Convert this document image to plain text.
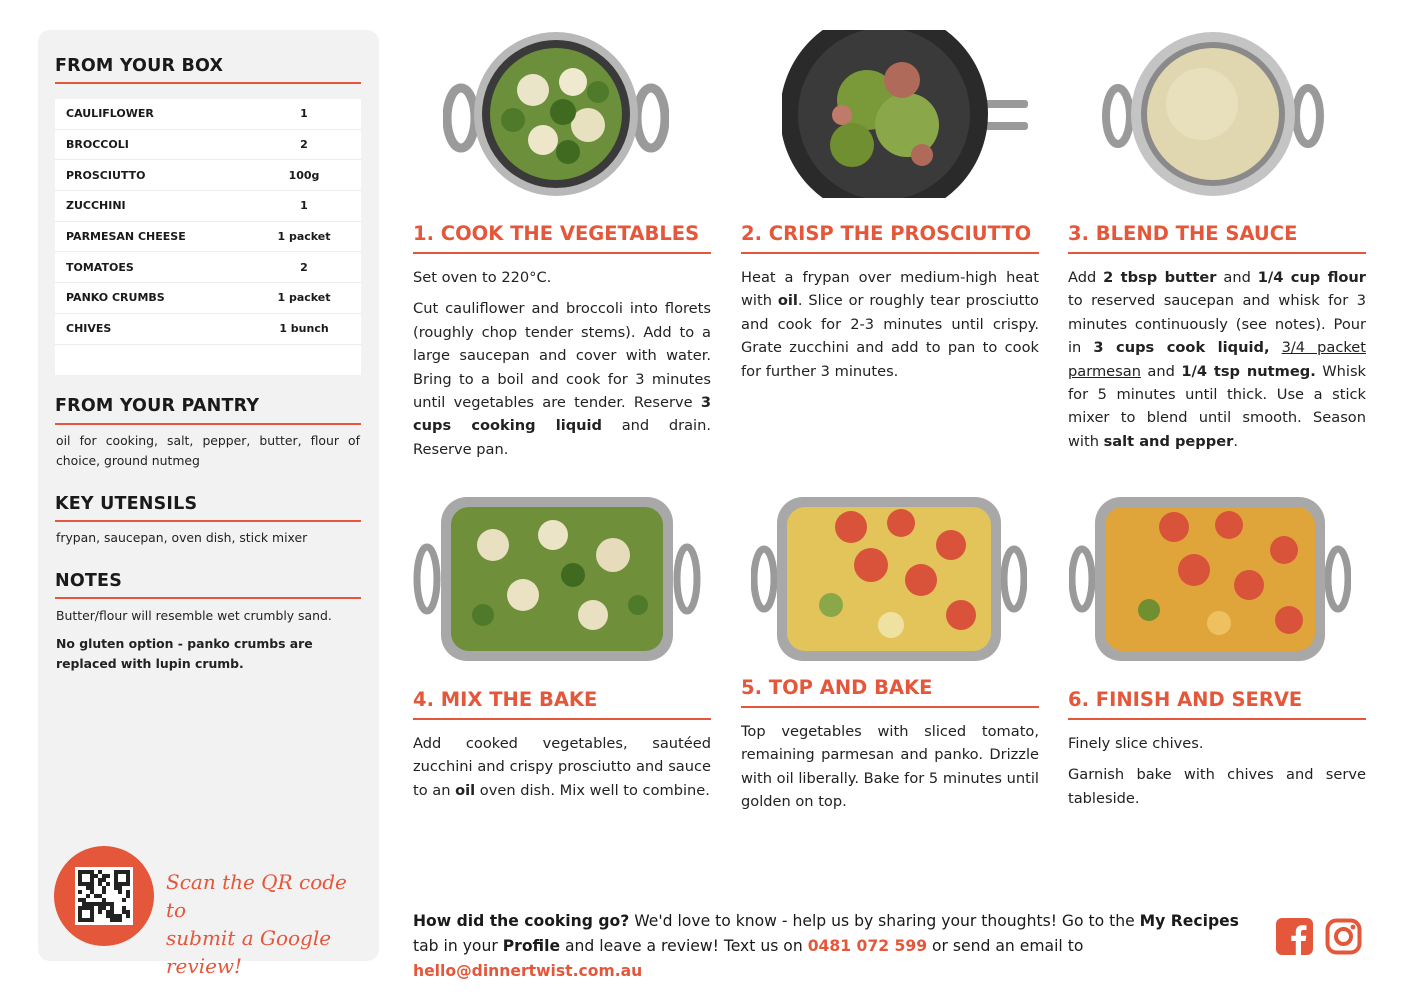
FROM YOUR BOX
CAULIFLOWER	1
BROCCOLI	2
PROSCIUTTO	100g
ZUCCHINI	1
PARMESAN CHEESE	1 packet
TOMATOES	2
PANKO CRUMBS	1 packet
CHIVES	1 bunch
FROM YOUR PANTRY
oil for cooking, salt, pepper, butter, flour of choice, ground nutmeg
KEY UTENSILS
frypan, saucepan, oven dish, stick mixer
NOTES
Butter/flour will resemble wet crumbly sand.
No gluten option - panko crumbs are replaced with lupin crumb.
Scan the QR code to
submit a Google review!
1. COOK THE VEGETABLES

Set oven to 220°C.

Cut cauliflower and broccoli into florets (roughly chop tender stems). Add to a large saucepan and cover with water. Bring to a boil and cook for 3 minutes until vegetables are tender. Reserve 3 cups cooking liquid and drain. Reserve pan.

2. CRISP THE PROSCIUTTO

Heat a frypan over medium-high heat with oil. Slice or roughly tear prosciutto and cook for 2-3 minutes until crispy. Grate zucchini and add to pan to cook for further 3 minutes.

3. BLEND THE SAUCE

Add 2 tbsp butter and 1/4 cup flour to reserved saucepan and whisk for 3 minutes continuously (see notes). Pour in 3 cups cook liquid, 3/4 packet parmesan and 1/4 tsp nutmeg. Whisk for 5 minutes until thick. Use a stick mixer to blend until smooth. Season with salt and pepper.

4. MIX THE BAKE

Add cooked vegetables, sautéed zucchini and crispy prosciutto and sauce to an oil oven dish. Mix well to combine.

5. TOP AND BAKE

Top vegetables with sliced tomato, remaining parmesan and panko. Drizzle with oil liberally. Bake for 5 minutes until golden on top.

6. FINISH AND SERVE

Finely slice chives.

Garnish bake with chives and serve tableside.

How did the cooking go? We'd love to know - help us by sharing your thoughts! Go to the My Recipes tab in your Profile and leave a review! Text us on 0481 072 599 or send an email to hello@dinnertwist.com.au
